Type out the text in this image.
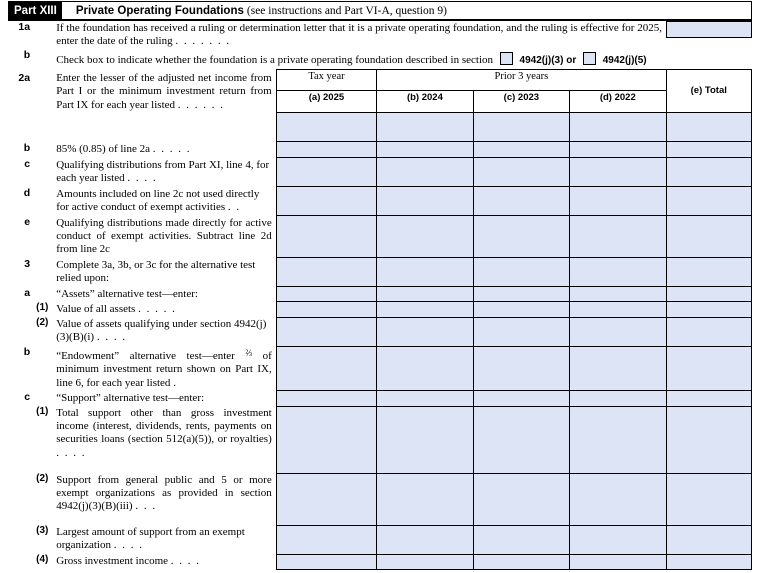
Part XIII	Private Operating Foundations (see instructions and Part VI-A, question 9)
1a		If the foundation has received a ruling or determination letter that it is a private operating foundation, and the ruling is effective for 2025, enter the date of the ruling . . . . . . .					

b		Check box to indicate whether the foundation is a private operating foundation described in section 4942(j)(3) or 4942(j)(5)					
2a		Enter the lesser of the adjusted net income from Part I or the minimum investment return from Part IX for each year listed . . . . . .	Tax year	Prior 3 years			(e) Total
			(a) 2025	(b) 2024	(c) 2023	(d) 2022	

b		85% (0.85) of line 2a . . . . .					
c		Qualifying distributions from Part XI, line 4, for each year listed . . . .					
d		Amounts included on line 2c not used directly for active conduct of exempt activities . .					
e		Qualifying distributions made directly for active conduct of exempt activities. Subtract line 2d from line 2c					
3		Complete 3a, 3b, or 3c for the alternative test relied upon:					
a		“Assets” alternative test—enter:					
	(1)	Value of all assets . . . . .					
	(2)	Value of assets qualifying under section 4942(j)(3)(B)(i) . . . .					
b		“Endowment” alternative test—enter $^{\frac{2}{3}}$ of minimum investment return shown on Part IX, line 6, for each year listed .					
c		“Support” alternative test—enter:					
	(1)	Total support other than gross investment income (interest, dividends, rents, payments on securities loans (section 512(a)(5)), or royalties) . . . .					
	(2)	Support from general public and 5 or more exempt organizations as provided in section 4942(j)(3)(B)(iii) . . .					
	(3)	Largest amount of support from an exempt organization . . . .					
	(4)	Gross investment income . . . .					
